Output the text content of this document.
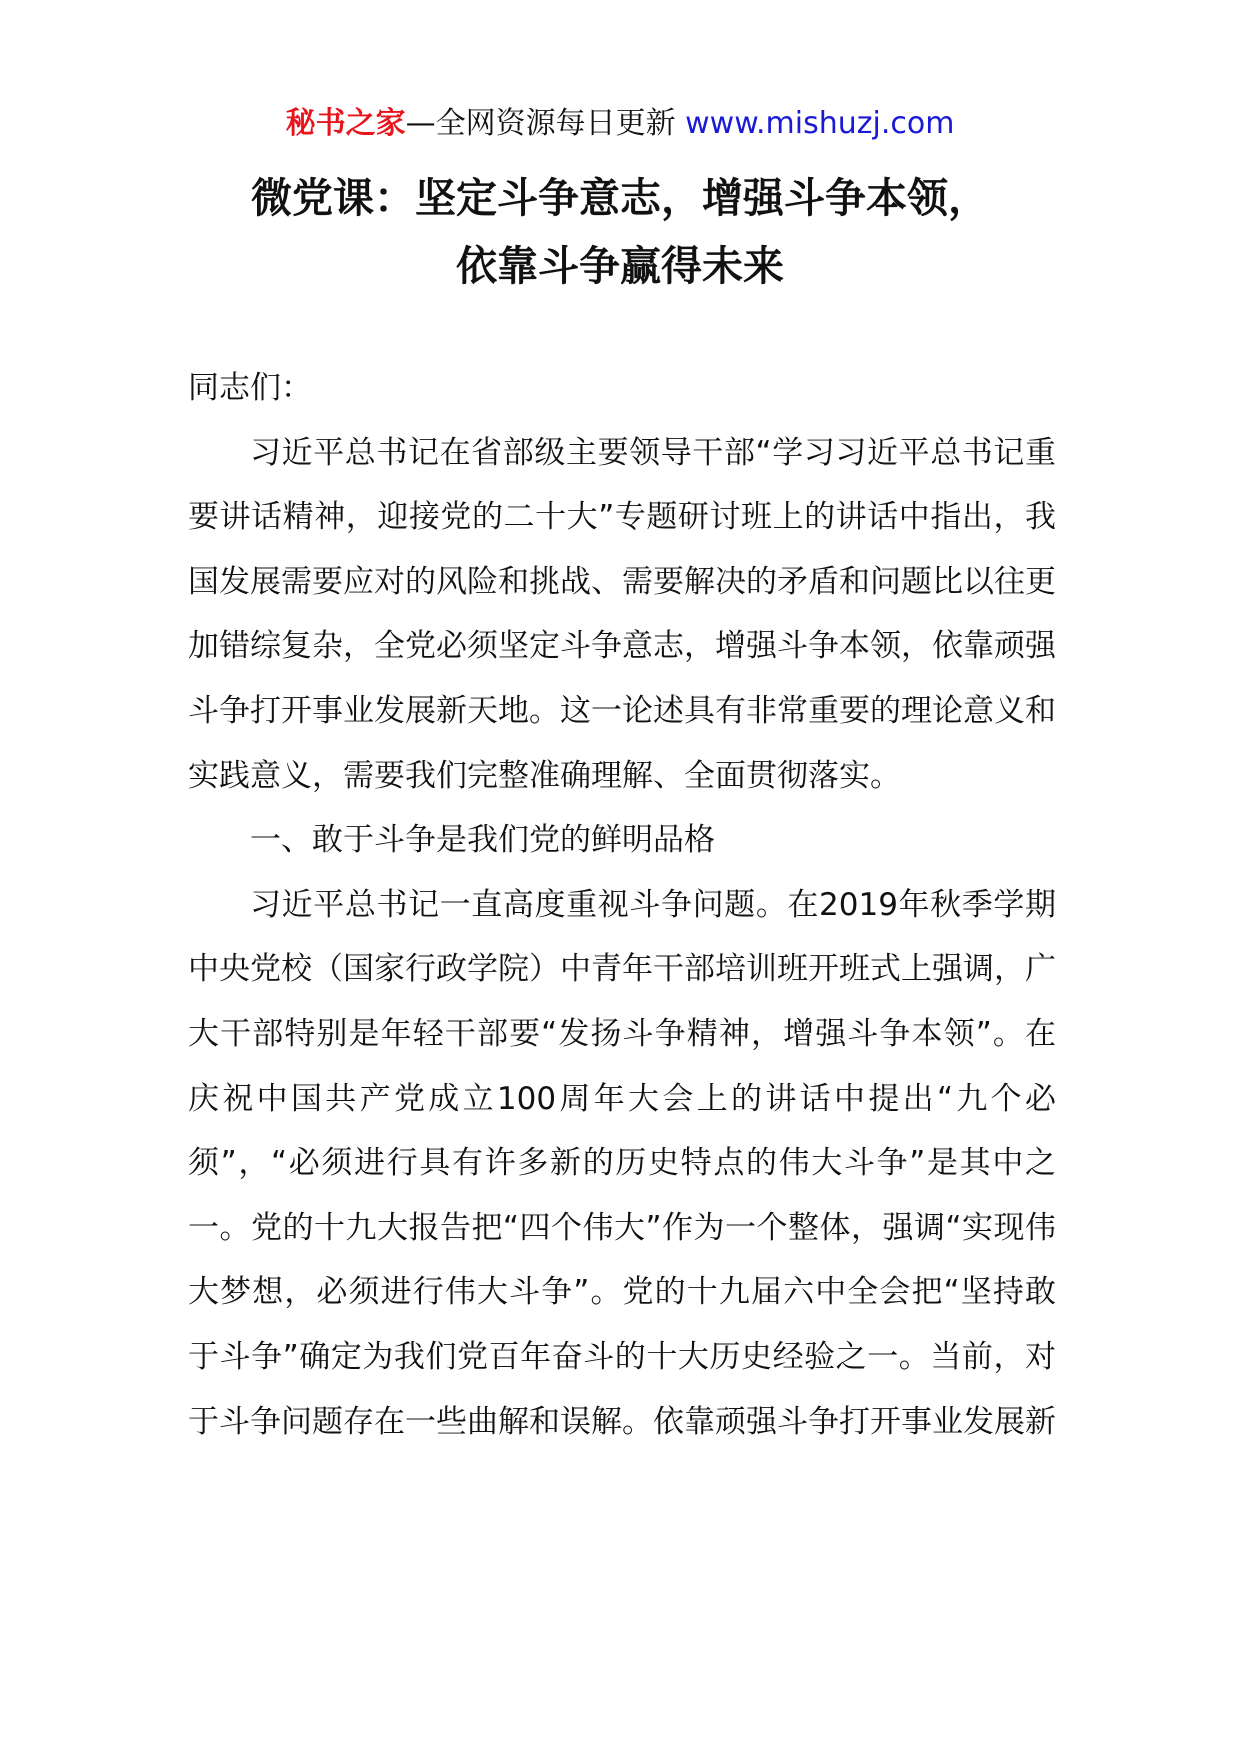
秘书之家—全网资源每日更新 www.mishuzj.com
微党课：坚定斗争意志，增强斗争本领，
依靠斗争赢得未来

同志们：

习近平总书记在省部级主要领导干部“学习习近平总书记重要讲话精神，迎接党的二十大”专题研讨班上的讲话中指出，我国发展需要应对的风险和挑战、需要解决的矛盾和问题比以往更加错综复杂，全党必须坚定斗争意志，增强斗争本领，依靠顽强斗争打开事业发展新天地。这一论述具有非常重要的理论意义和实践意义，需要我们完整准确理解、全面贯彻落实。

一、敢于斗争是我们党的鲜明品格

习近平总书记一直高度重视斗争问题。在2019年秋季学期中央党校（国家行政学院）中青年干部培训班开班式上强调，广大干部特别是年轻干部要“发扬斗争精神，增强斗争本领”。在庆祝中国共产党成立100周年大会上的讲话中提出“九个必须”，“必须进行具有许多新的历史特点的伟大斗争”是其中之一。党的十九大报告把“四个伟大”作为一个整体，强调“实现伟大梦想，必须进行伟大斗争”。党的十九届六中全会把“坚持敢于斗争”确定为我们党百年奋斗的十大历史经验之一。当前，对于斗争问题存在一些曲解和误解。依靠顽强斗争打开事业发展新
